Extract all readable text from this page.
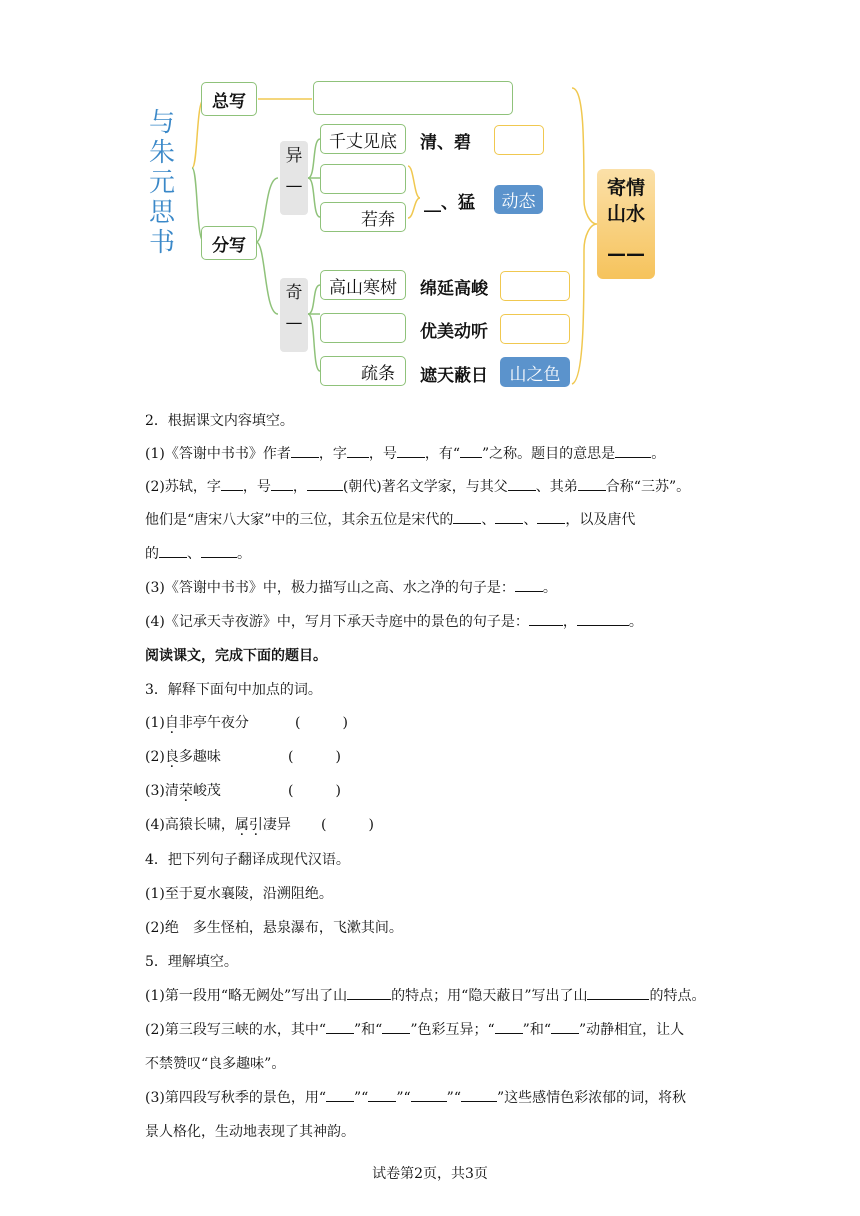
与
朱
元
思
书
总写
分写
异
—
奇
—
千丈见底	清、碧
若奔
__、猛	动态
高山寒树	绵延高峻
优美动听
疏条	遮天蔽日	山之色
寄情
山水
——
2．根据课文内容填空。
(1)《答谢中书书》作者 ，字 ，号 ，有“ ”之称。题目的意思是	。
(2)苏轼，字 ，号 ，	(朝代)著名文学家，与其父 、其弟 合称“三苏”。
他们是“唐宋八大家”中的三位，其余五位是宋代的 、 、 ，以及唐代
的 、	。
(3)《答谢中书书》中，极力描写山之高、水之净的句子是： 。
(4)《记承天寺夜游》中，写月下承天寺庭中的景色的句子是： ，	。
阅读课文，完成下面的题目。
3．解释下面句中加点的词。
(1)自非亭午夜分	(　　　)
(2)良多趣味	(　　　)
(3)清荣峻茂	(　　　)
(4)高猿长啸，属引凄异 (　　　)
4．把下列句子翻译成现代汉语。
(1)至于夏水襄陵，沿溯阻绝。
(2)绝　多生怪柏，悬泉瀑布，飞漱其间。
5．理解填空。
(1)第一段用“略无阙处”写出了山	的特点；用“隐天蔽日”写出了山	的特点。
(2)第三段写三峡的水，其中“ ”和“ ”色彩互异；“ ”和“ ”动静相宜，让人
不禁赞叹“良多趣味”。
(3)第四段写秋季的景色，用“ ”“ ”“	”“	”这些感情色彩浓郁的词，将秋
景人格化，生动地表现了其神韵。
试卷第2页，共3页
